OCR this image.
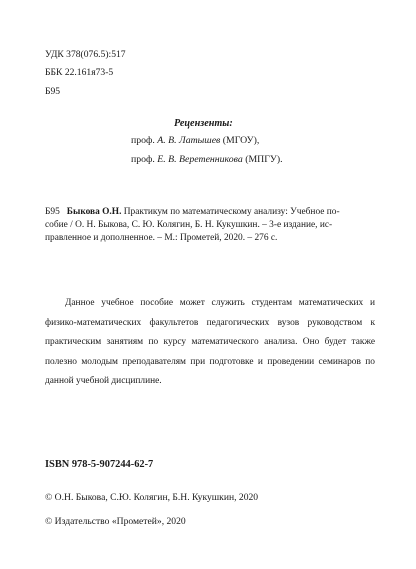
УДК 378(076.5):517
ББК 22.161я73-5
Б95
Рецензенты:
проф. А. В. Латышев (МГОУ),
проф. Е. В. Веретенникова (МПГУ).
Б95 Быкова О.Н. Практикум по математическому анализу: Учебное по-
собие / О. Н. Быкова, С. Ю. Колягин, Б. Н. Кукушкин. – 3-е издание, ис-
правленное и дополненное. – М.: Прометей, 2020. – 276 с.
Данное учебное пособие может служить студентам математических и физико-математических факультетов педагогических вузов руководством к практическим занятиям по курсу математического анализа. Оно будет также полезно молодым преподавателям при подготовке и проведении семинаров по данной учебной дисциплине.
ISBN 978-5-907244-62-7
© О.Н. Быкова, С.Ю. Колягин, Б.Н. Кукушкин, 2020
© Издательство «Прометей», 2020
